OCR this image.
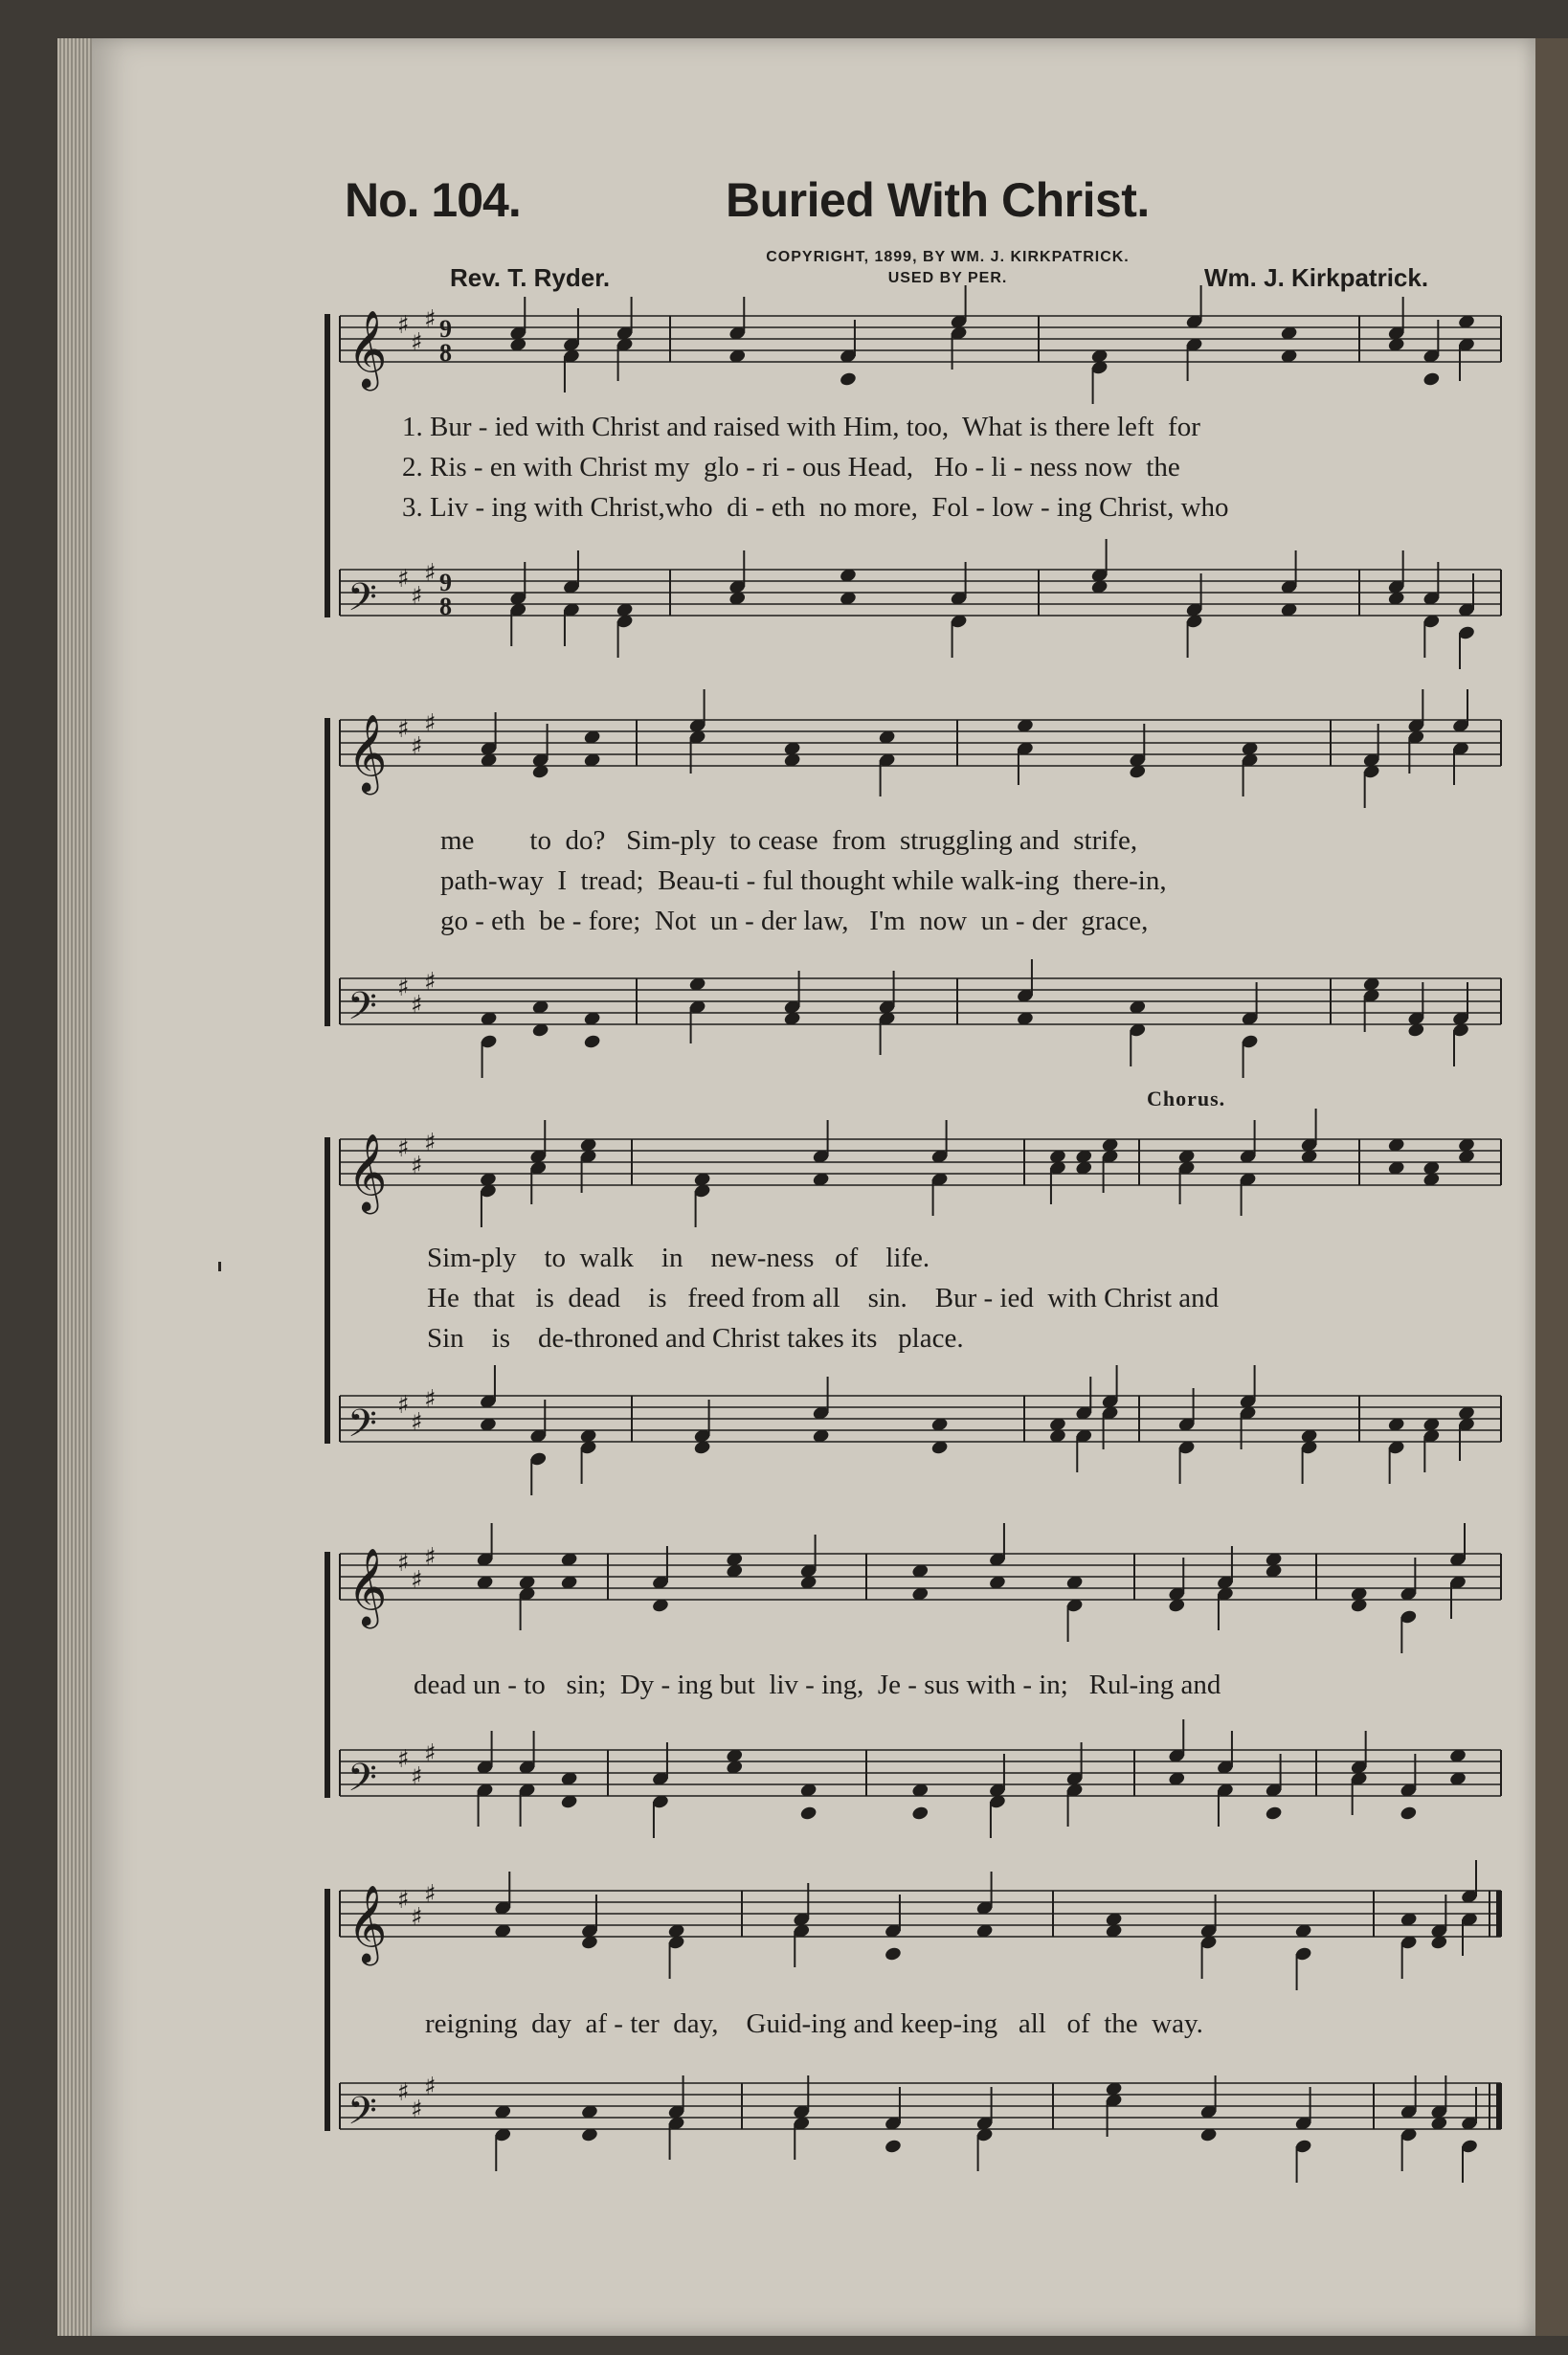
No. 104.	Buried With Christ.
COPYRIGHT, 1899, BY WM. J. KIRKPATRICK.
USED BY PER.
Rev. T. Ryder.	Wm. J. Kirkpatrick.
Chorus.
𝄞 ♯
♯
♯ 9
8
𝄢 ♯
♯
♯ 9
8
𝄞 ♯
♯
♯
𝄢 ♯
♯
♯
𝄞 ♯
♯
♯
𝄢 ♯
♯
♯
𝄞 ♯
♯
♯
𝄢 ♯
♯
♯
𝄞 ♯
♯
♯
𝄢 ♯
♯
♯
1. Bur - ied with Christ and raised with Him, too,  What is there left  for
2. Ris - en with Christ my  glo - ri - ous Head,   Ho - li - ness now  the
3. Liv - ing with Christ,who  di - eth  no more,  Fol - low - ing Christ, who
me        to  do?   Sim-ply  to cease  from  struggling and  strife,
path-way  I  tread;  Beau-ti - ful thought while walk-ing  there-in,
go - eth  be - fore;  Not  un - der law,   I'm  now  un - der  grace,
Sim-ply    to  walk    in    new-ness   of    life.
He  that   is  dead    is   freed from all    sin.    Bur - ied  with Christ and
Sin    is    de-throned and Christ takes its   place.
dead un - to   sin;  Dy - ing but  liv - ing,  Je - sus with - in;   Rul-ing and
reigning  day  af - ter  day,    Guid-ing and keep-ing   all   of  the  way.
